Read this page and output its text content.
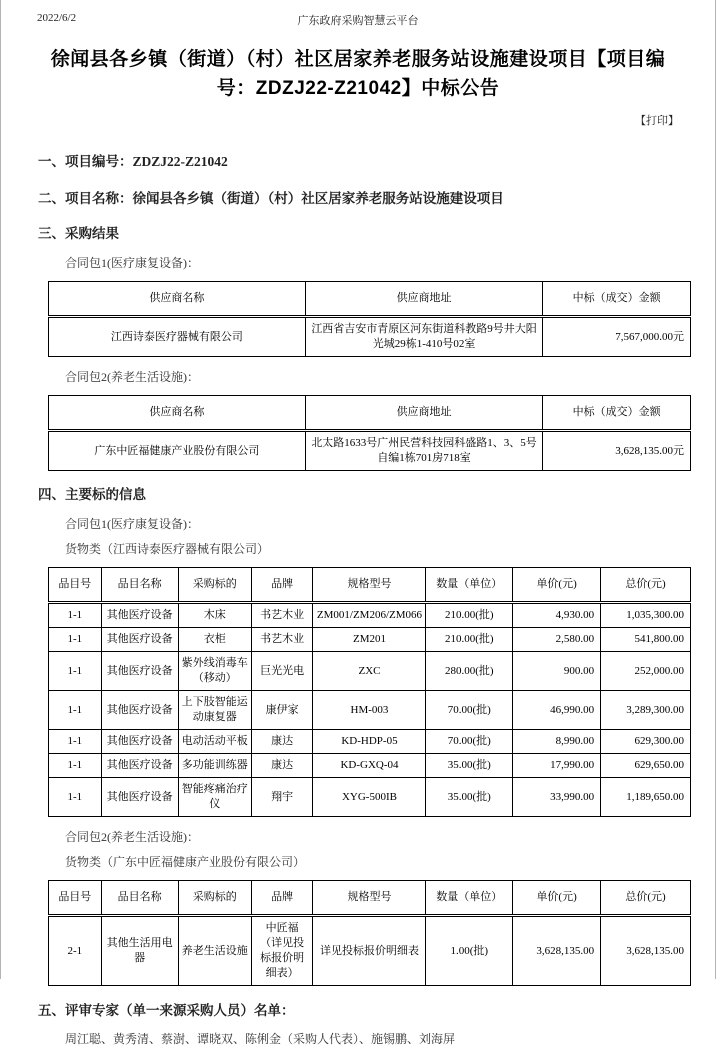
2022/6/2	广东政府采购智慧云平台
徐闻县各乡镇（街道）（村）社区居家养老服务站设施建设项目【项目编号：ZDZJ22-Z21042】中标公告
【打印】
一、项目编号：ZDZJ22-Z21042
二、项目名称：徐闻县各乡镇（街道）（村）社区居家养老服务站设施建设项目
三、采购结果
合同包1(医疗康复设备)：
供应商名称	供应商地址	中标（成交）金额
江西诗泰医疗器械有限公司	江西省吉安市青原区河东街道科教路9号井大阳光城29栋1-410号02室	7,567,000.00元
合同包2(养老生活设施)：
供应商名称	供应商地址	中标（成交）金额
广东中匠福健康产业股份有限公司	北太路1633号广州民营科技园科盛路1、3、5号自编1栋701房718室	3,628,135.00元
四、主要标的信息
合同包1(医疗康复设备)：
货物类（江西诗泰医疗器械有限公司）
品目号	品目名称	采购标的	品牌	规格型号	数量（单位）	单价(元)	总价(元)
1-1	其他医疗设备	木床	书艺木业	ZM001/ZM206/ZM066	210.00(批)	4,930.00	1,035,300.00
1-1	其他医疗设备	衣柜	书艺木业	ZM201	210.00(批)	2,580.00	541,800.00
1-1	其他医疗设备	紫外线消毒车（移动）	巨光光电	ZXC	280.00(批)	900.00	252,000.00
1-1	其他医疗设备	上下肢智能运动康复器	康伊家	HM-003	70.00(批)	46,990.00	3,289,300.00
1-1	其他医疗设备	电动活动平板	康达	KD-HDP-05	70.00(批)	8,990.00	629,300.00
1-1	其他医疗设备	多功能训练器	康达	KD-GXQ-04	35.00(批)	17,990.00	629,650.00
1-1	其他医疗设备	智能疼痛治疗仪	翔宇	XYG-500IB	35.00(批)	33,990.00	1,189,650.00
合同包2(养老生活设施)：
货物类（广东中匠福健康产业股份有限公司）
品目号	品目名称	采购标的	品牌	规格型号	数量（单位）	单价(元)	总价(元)
2-1	其他生活用电器	养老生活设施	中匠福（详见投标报价明细表）	详见投标报价明细表	1.00(批)	3,628,135.00	3,628,135.00
五、评审专家（单一来源采购人员）名单：
周江聪、黄秀清、蔡澍、谭晓双、陈俐金（采购人代表）、施锡鹏、刘海屏
